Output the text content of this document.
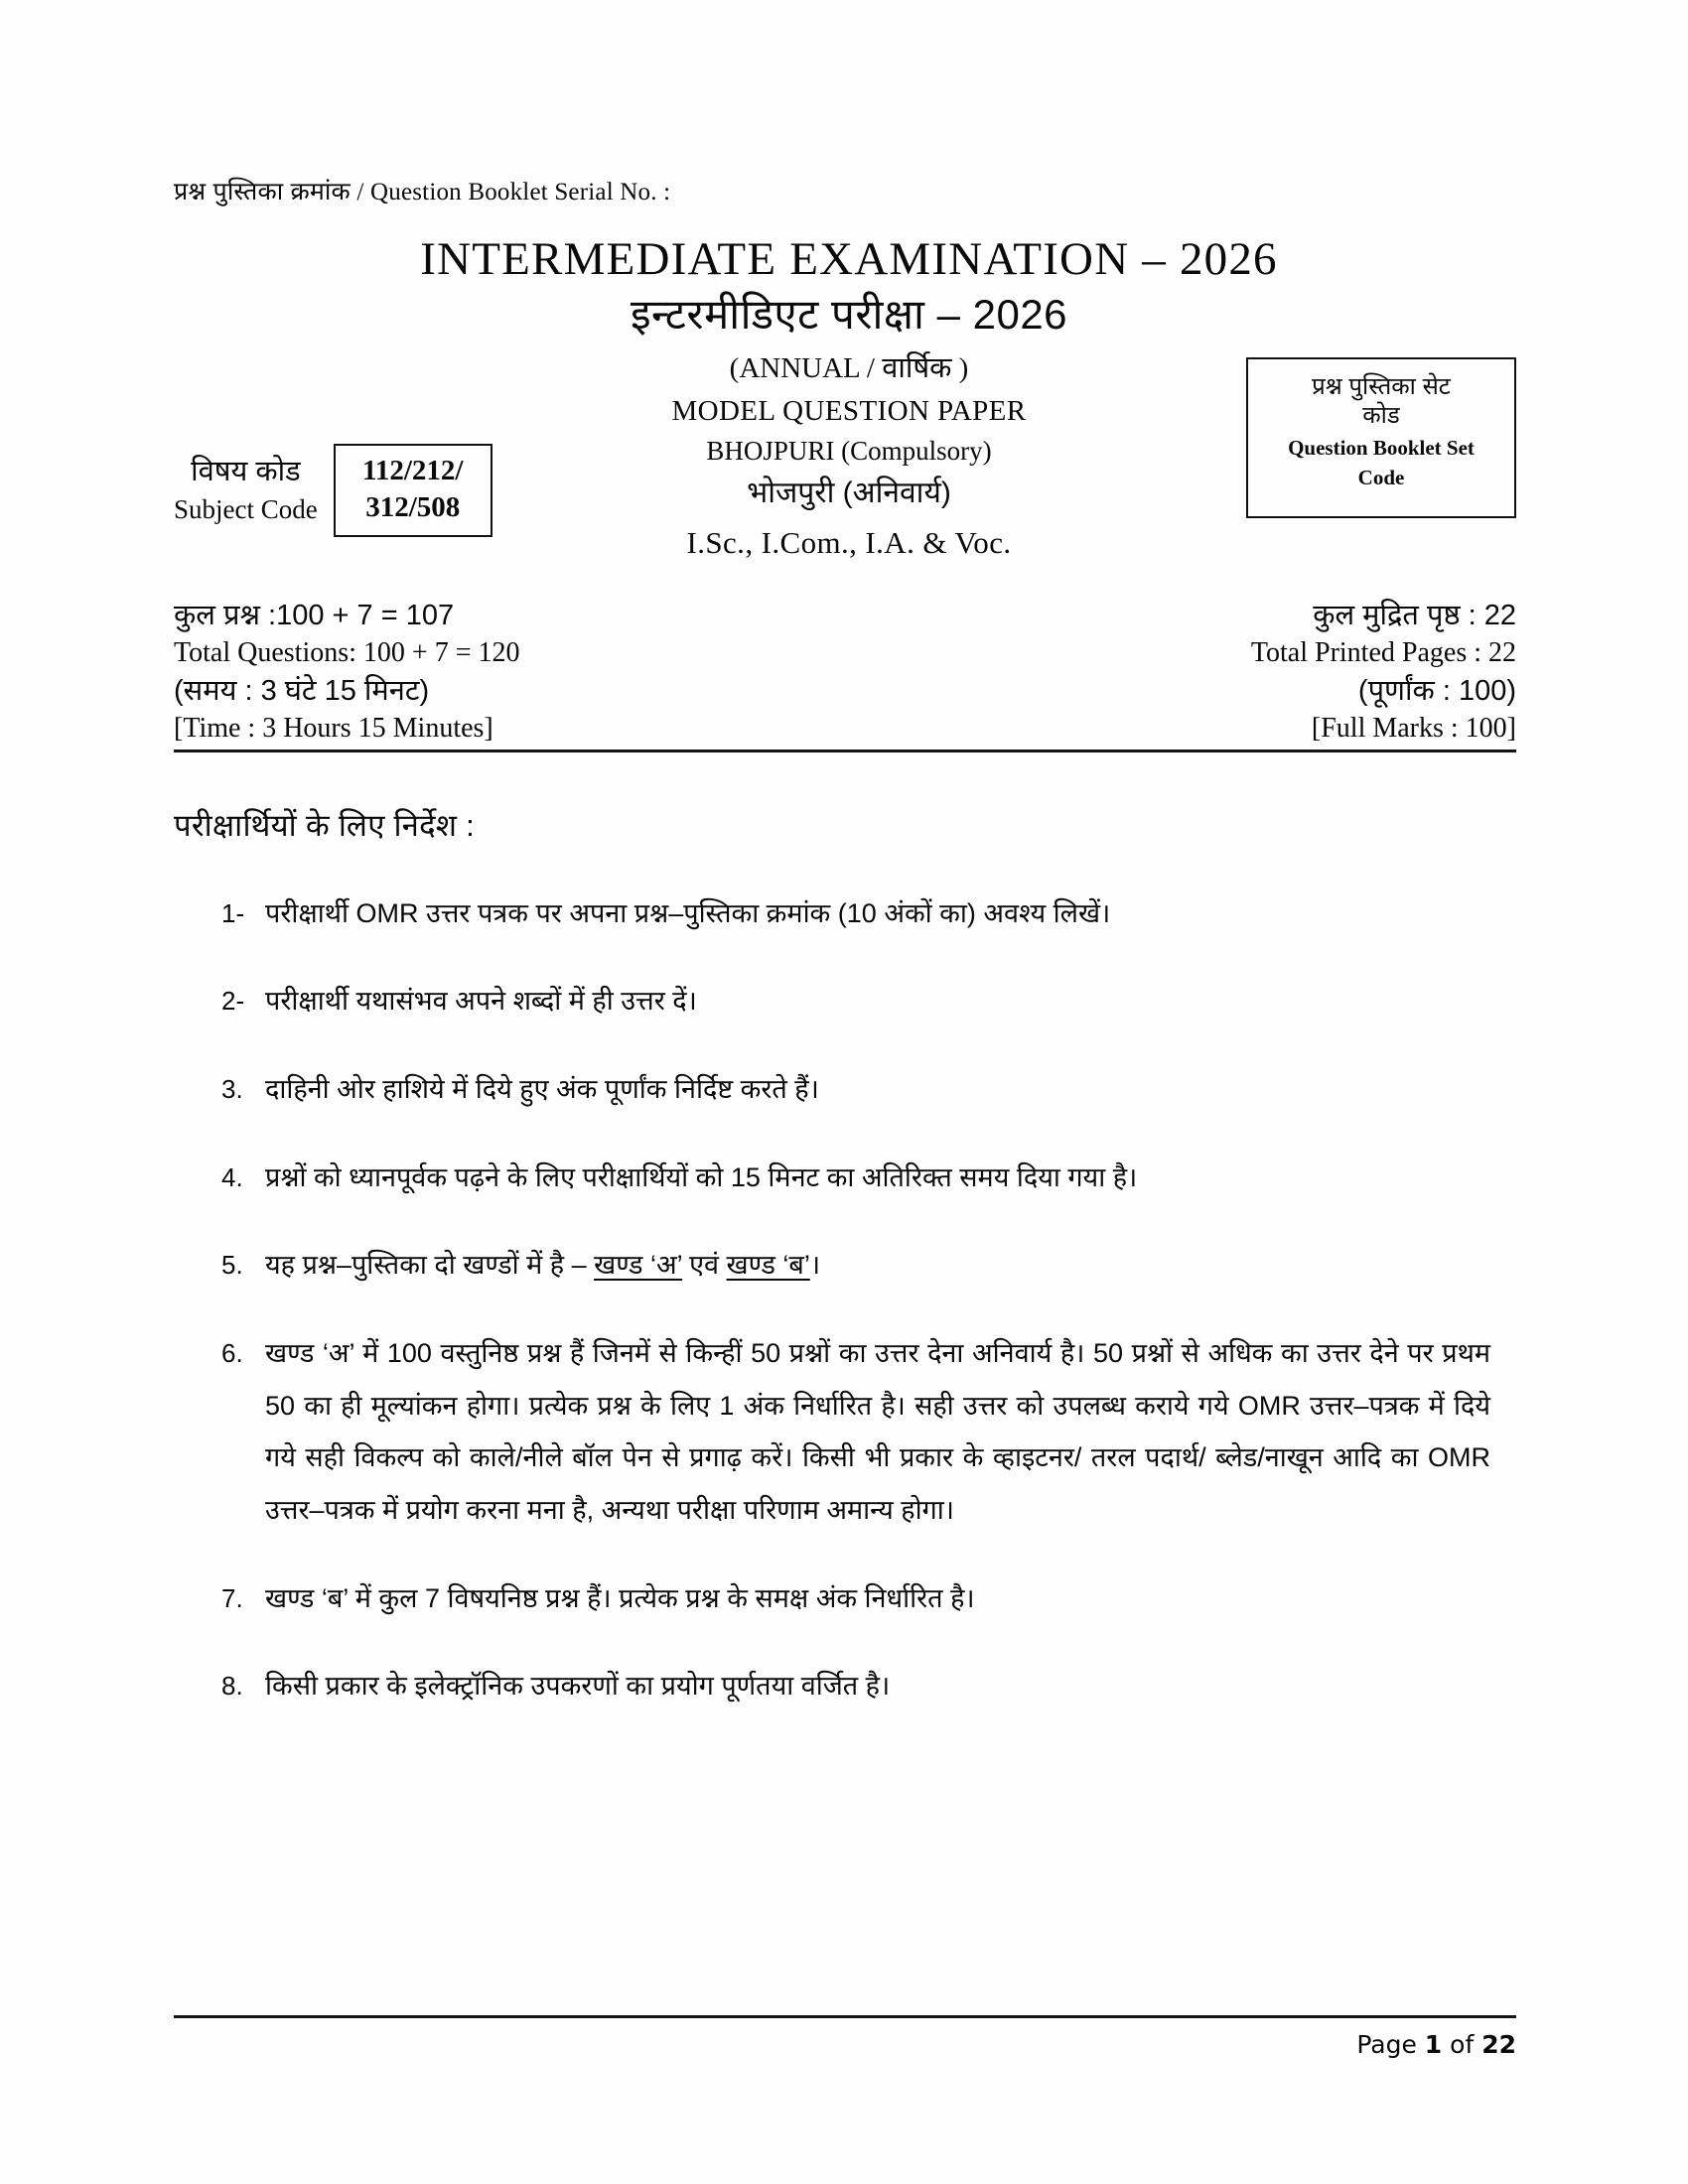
प्रश्न पुस्तिका क्रमांक / Question Booklet Serial No. :
INTERMEDIATE EXAMINATION – 2026
इन्टरमीडिएट परीक्षा – 2026
(ANNUAL / वार्षिक )
MODEL QUESTION PAPER
BHOJPURI (Compulsory)
भोजपुरी (अनिवार्य)
I.Sc., I.Com., I.A. & Voc.
विषय कोड
Subject Code
112/212/
312/508
प्रश्न पुस्तिका सेट
कोड
Question Booklet Set
Code
कुल प्रश्न :100 + 7 = 107
Total Questions: 100 + 7 = 120
(समय : 3 घंटे 15 मिनट)
[Time : 3 Hours 15 Minutes]
कुल मुद्रित पृष्ठ : 22
Total Printed Pages : 22
(पूर्णांक : 100)
[Full Marks : 100]
परीक्षार्थियों के लिए निर्देश :
1- परीक्षार्थी OMR उत्तर पत्रक पर अपना प्रश्न–पुस्तिका क्रमांक (10 अंकों का) अवश्य लिखें।
2- परीक्षार्थी यथासंभव अपने शब्दों में ही उत्तर दें।
3. दाहिनी ओर हाशिये में दिये हुए अंक पूर्णांक निर्दिष्ट करते हैं।
4. प्रश्नों को ध्यानपूर्वक पढ़ने के लिए परीक्षार्थियों को 15 मिनट का अतिरिक्त समय दिया गया है।
5. यह प्रश्न–पुस्तिका दो खण्डों में है – खण्ड ‘अ’ एवं खण्ड ‘ब’।
6. खण्ड ‘अ’ में 100 वस्तुनिष्ठ प्रश्न हैं जिनमें से किन्हीं 50 प्रश्नों का उत्तर देना अनिवार्य है। 50 प्रश्नों से अधिक का उत्तर देने पर प्रथम 50 का ही मूल्यांकन होगा। प्रत्येक प्रश्न के लिए 1 अंक निर्धारित है। सही उत्तर को उपलब्ध कराये गये OMR उत्तर–पत्रक में दिये गये सही विकल्प को काले/नीले बॉल पेन से प्रगाढ़ करें। किसी भी प्रकार के व्हाइटनर/ तरल पदार्थ/ ब्लेड/नाखून आदि का OMR उत्तर–पत्रक में प्रयोग करना मना है, अन्यथा परीक्षा परिणाम अमान्य होगा।
7. खण्ड ‘ब’ में कुल 7 विषयनिष्ठ प्रश्न हैं। प्रत्येक प्रश्न के समक्ष अंक निर्धारित है।
8. किसी प्रकार के इलेक्ट्रॉनिक उपकरणों का प्रयोग पूर्णतया वर्जित है।
Page 1 of 22
